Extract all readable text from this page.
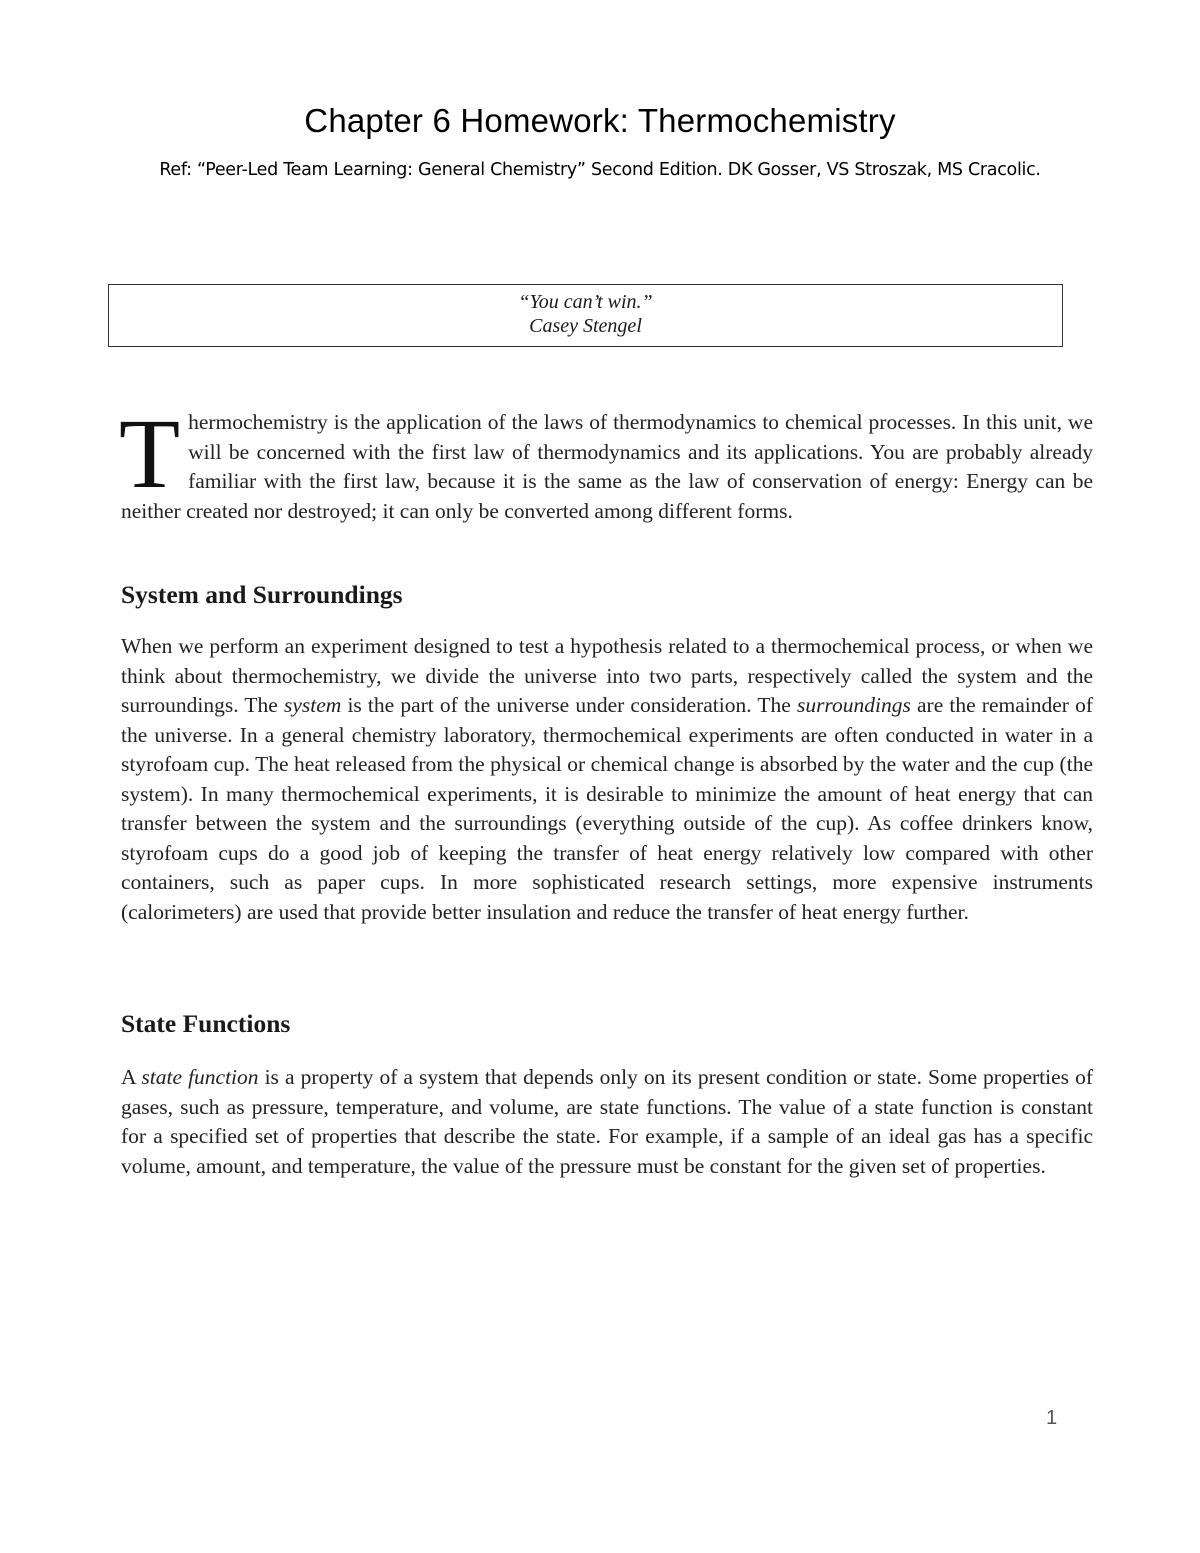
Chapter 6 Homework: Thermochemistry
Ref: “Peer-Led Team Learning: General Chemistry” Second Edition. DK Gosser, VS Stroszak, MS Cracolic.
“You can’t win.”
Casey Stengel
Thermochemistry is the application of the laws of thermodynamics to chemical processes. In this unit, we will be concerned with the first law of thermodynamics and its applications. You are probably already familiar with the first law, because it is the same as the law of conservation of energy: Energy can be neither created nor destroyed; it can only be converted among different forms.
System and Surroundings
When we perform an experiment designed to test a hypothesis related to a thermochemical process, or when we think about thermochemistry, we divide the universe into two parts, respectively called the system and the surroundings. The system is the part of the universe under consideration. The surroundings are the remainder of the universe. In a general chemistry laboratory, thermochemical experiments are often conducted in water in a styrofoam cup. The heat released from the physical or chemical change is absorbed by the water and the cup (the system). In many thermochemical experiments, it is desirable to minimize the amount of heat energy that can transfer between the system and the surroundings (everything outside of the cup). As coffee drinkers know, styrofoam cups do a good job of keeping the transfer of heat energy relatively low compared with other containers, such as paper cups. In more sophisticated research settings, more expensive instruments (calorimeters) are used that provide better insulation and reduce the transfer of heat energy further.
State Functions
A state function is a property of a system that depends only on its present condition or state. Some properties of gases, such as pressure, temperature, and volume, are state functions. The value of a state function is constant for a specified set of properties that describe the state. For example, if a sample of an ideal gas has a specific volume, amount, and temperature, the value of the pressure must be constant for the given set of properties.
1
